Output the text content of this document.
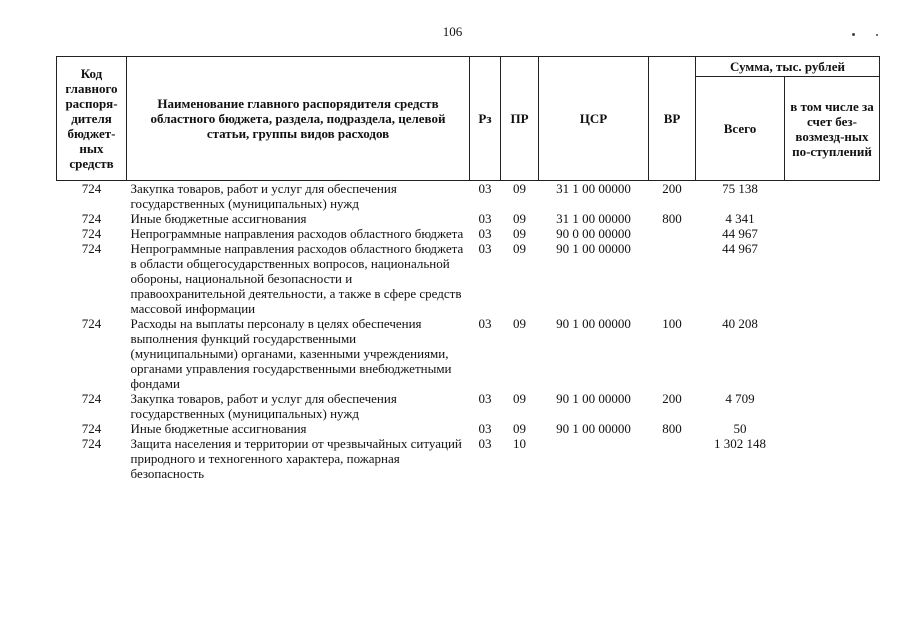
106
Код главного распоря-дителя бюджет-ных средств	Наименование главного распорядителя средств областного бюджета, раздела, подраздела, целевой статьи, группы видов расходов	Рз	ПР	ЦСР	ВР	Сумма, тыс. рублей	
						Всего	в том числе за счет без-возмезд-ных по-ступлений
724	Закупка товаров, работ и услуг для обеспечения государственных (муниципальных) нужд	03	09	31 1 00 00000	200	75 138	
724	Иные бюджетные ассигнования	03	09	31 1 00 00000	800	4 341	
724	Непрограммные направления расходов областного бюджета	03	09	90 0 00 00000		44 967	
724	Непрограммные направления расходов областного бюджета в области общегосударственных вопросов, национальной обороны, национальной безопасности и правоохранительной деятельности, а также в сфере средств массовой информации	03	09	90 1 00 00000		44 967	
724	Расходы на выплаты персоналу в целях обеспечения выполнения функций государственными (муниципальными) органами, казенными учреждениями, органами управления государственными внебюджетными фондами	03	09	90 1 00 00000	100	40 208	
724	Закупка товаров, работ и услуг для обеспечения государственных (муниципальных) нужд	03	09	90 1 00 00000	200	4 709	
724	Иные бюджетные ассигнования	03	09	90 1 00 00000	800	50	
724	Защита населения и территории от чрезвычайных ситуаций природного и техногенного характера, пожарная безопасность	03	10			1 302 148	
